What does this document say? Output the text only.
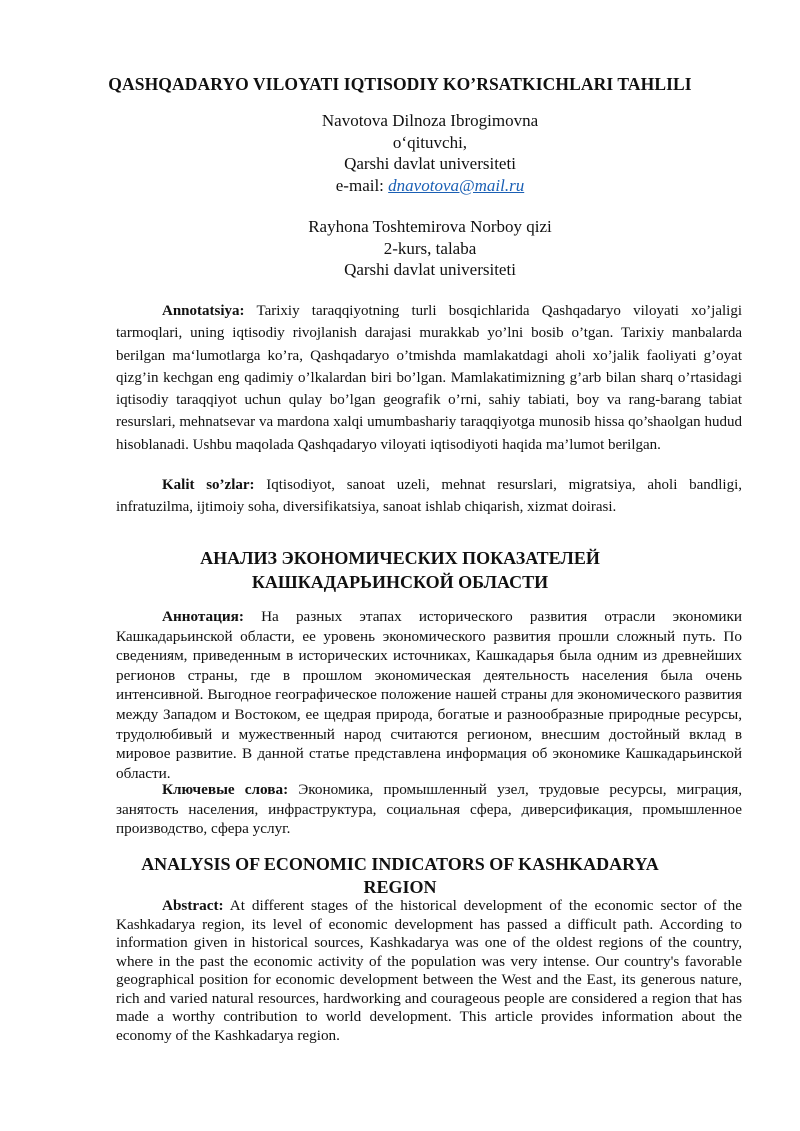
QASHQADARYO VILOYATI IQTISODIY KO’RSATKICHLARI TAHLILI
Navotova Dilnoza Ibrogimovna
o‘qituvchi,
Qarshi davlat universiteti
e-mail: dnavotova@mail.ru
Rayhona Toshtemirova Norboy qizi
2-kurs, talaba
Qarshi davlat universiteti

Annotatsiya: Tarixiy taraqqiyotning turli bosqichlarida Qashqadaryo viloyati xo’jaligi tarmoqlari, uning iqtisodiy rivojlanish darajasi murakkab yo’lni bosib o’tgan. Tarixiy manbalarda berilgan ma‘lumotlarga ko’ra, Qashqadaryo o’tmishda mamlakatdagi aholi xo’jalik faoliyati g’oyat qizg’in kechgan eng qadimiy o’lkalardan biri bo’lgan. Mamlakatimizning g’arb bilan sharq o’rtasidagi iqtisodiy taraqqiyot uchun qulay bo’lgan geografik o’rni, sahiy tabiati, boy va rang-barang tabiat resurslari, mehnatsevar va mardona xalqi umumbashariy taraqqiyotga munosib hissa qo’shaolgan hudud hisoblanadi. Ushbu maqolada Qashqadaryo viloyati iqtisodiyoti haqida ma’lumot berilgan.

Kalit so’zlar: Iqtisodiyot, sanoat uzeli, mehnat resurslari, migratsiya, aholi bandligi, infratuzilma, ijtimoiy soha, diversifikatsiya, sanoat ishlab chiqarish, xizmat doirasi.

АНАЛИЗ ЭКОНОМИЧЕСКИХ ПОКАЗАТЕЛЕЙ
КАШКАДАРЬИНСКОЙ ОБЛАСТИ

Аннотация: На разных этапах исторического развития отрасли экономики Кашкадарьинской области, ее уровень экономического развития прошли сложный путь. По сведениям, приведенным в исторических источниках, Кашкадарья была одним из древнейших регионов страны, где в прошлом экономическая деятельность населения была очень интенсивной. Выгодное географическое положение нашей страны для экономического развития между Западом и Востоком, ее щедрая природа, богатые и разнообразные природные ресурсы, трудолюбивый и мужественный народ считаются регионом, внесшим достойный вклад в мировое развитие. В данной статье представлена информация об экономике Кашкадарьинской области.

Ключевые слова: Экономика, промышленный узел, трудовые ресурсы, миграция, занятость населения, инфраструктура, социальная сфера, диверсификация, промышленное производство, сфера услуг.

ANALYSIS OF ECONOMIC INDICATORS OF KASHKADARYA
REGION

Abstract: At different stages of the historical development of the economic sector of the Kashkadarya region, its level of economic development has passed a difficult path. According to information given in historical sources, Kashkadarya was one of the oldest regions of the country, where in the past the economic activity of the population was very intense. Our country's favorable geographical position for economic development between the West and the East, its generous nature, rich and varied natural resources, hardworking and courageous people are considered a region that has made a worthy contribution to world development. This article provides information about the economy of the Kashkadarya region.
